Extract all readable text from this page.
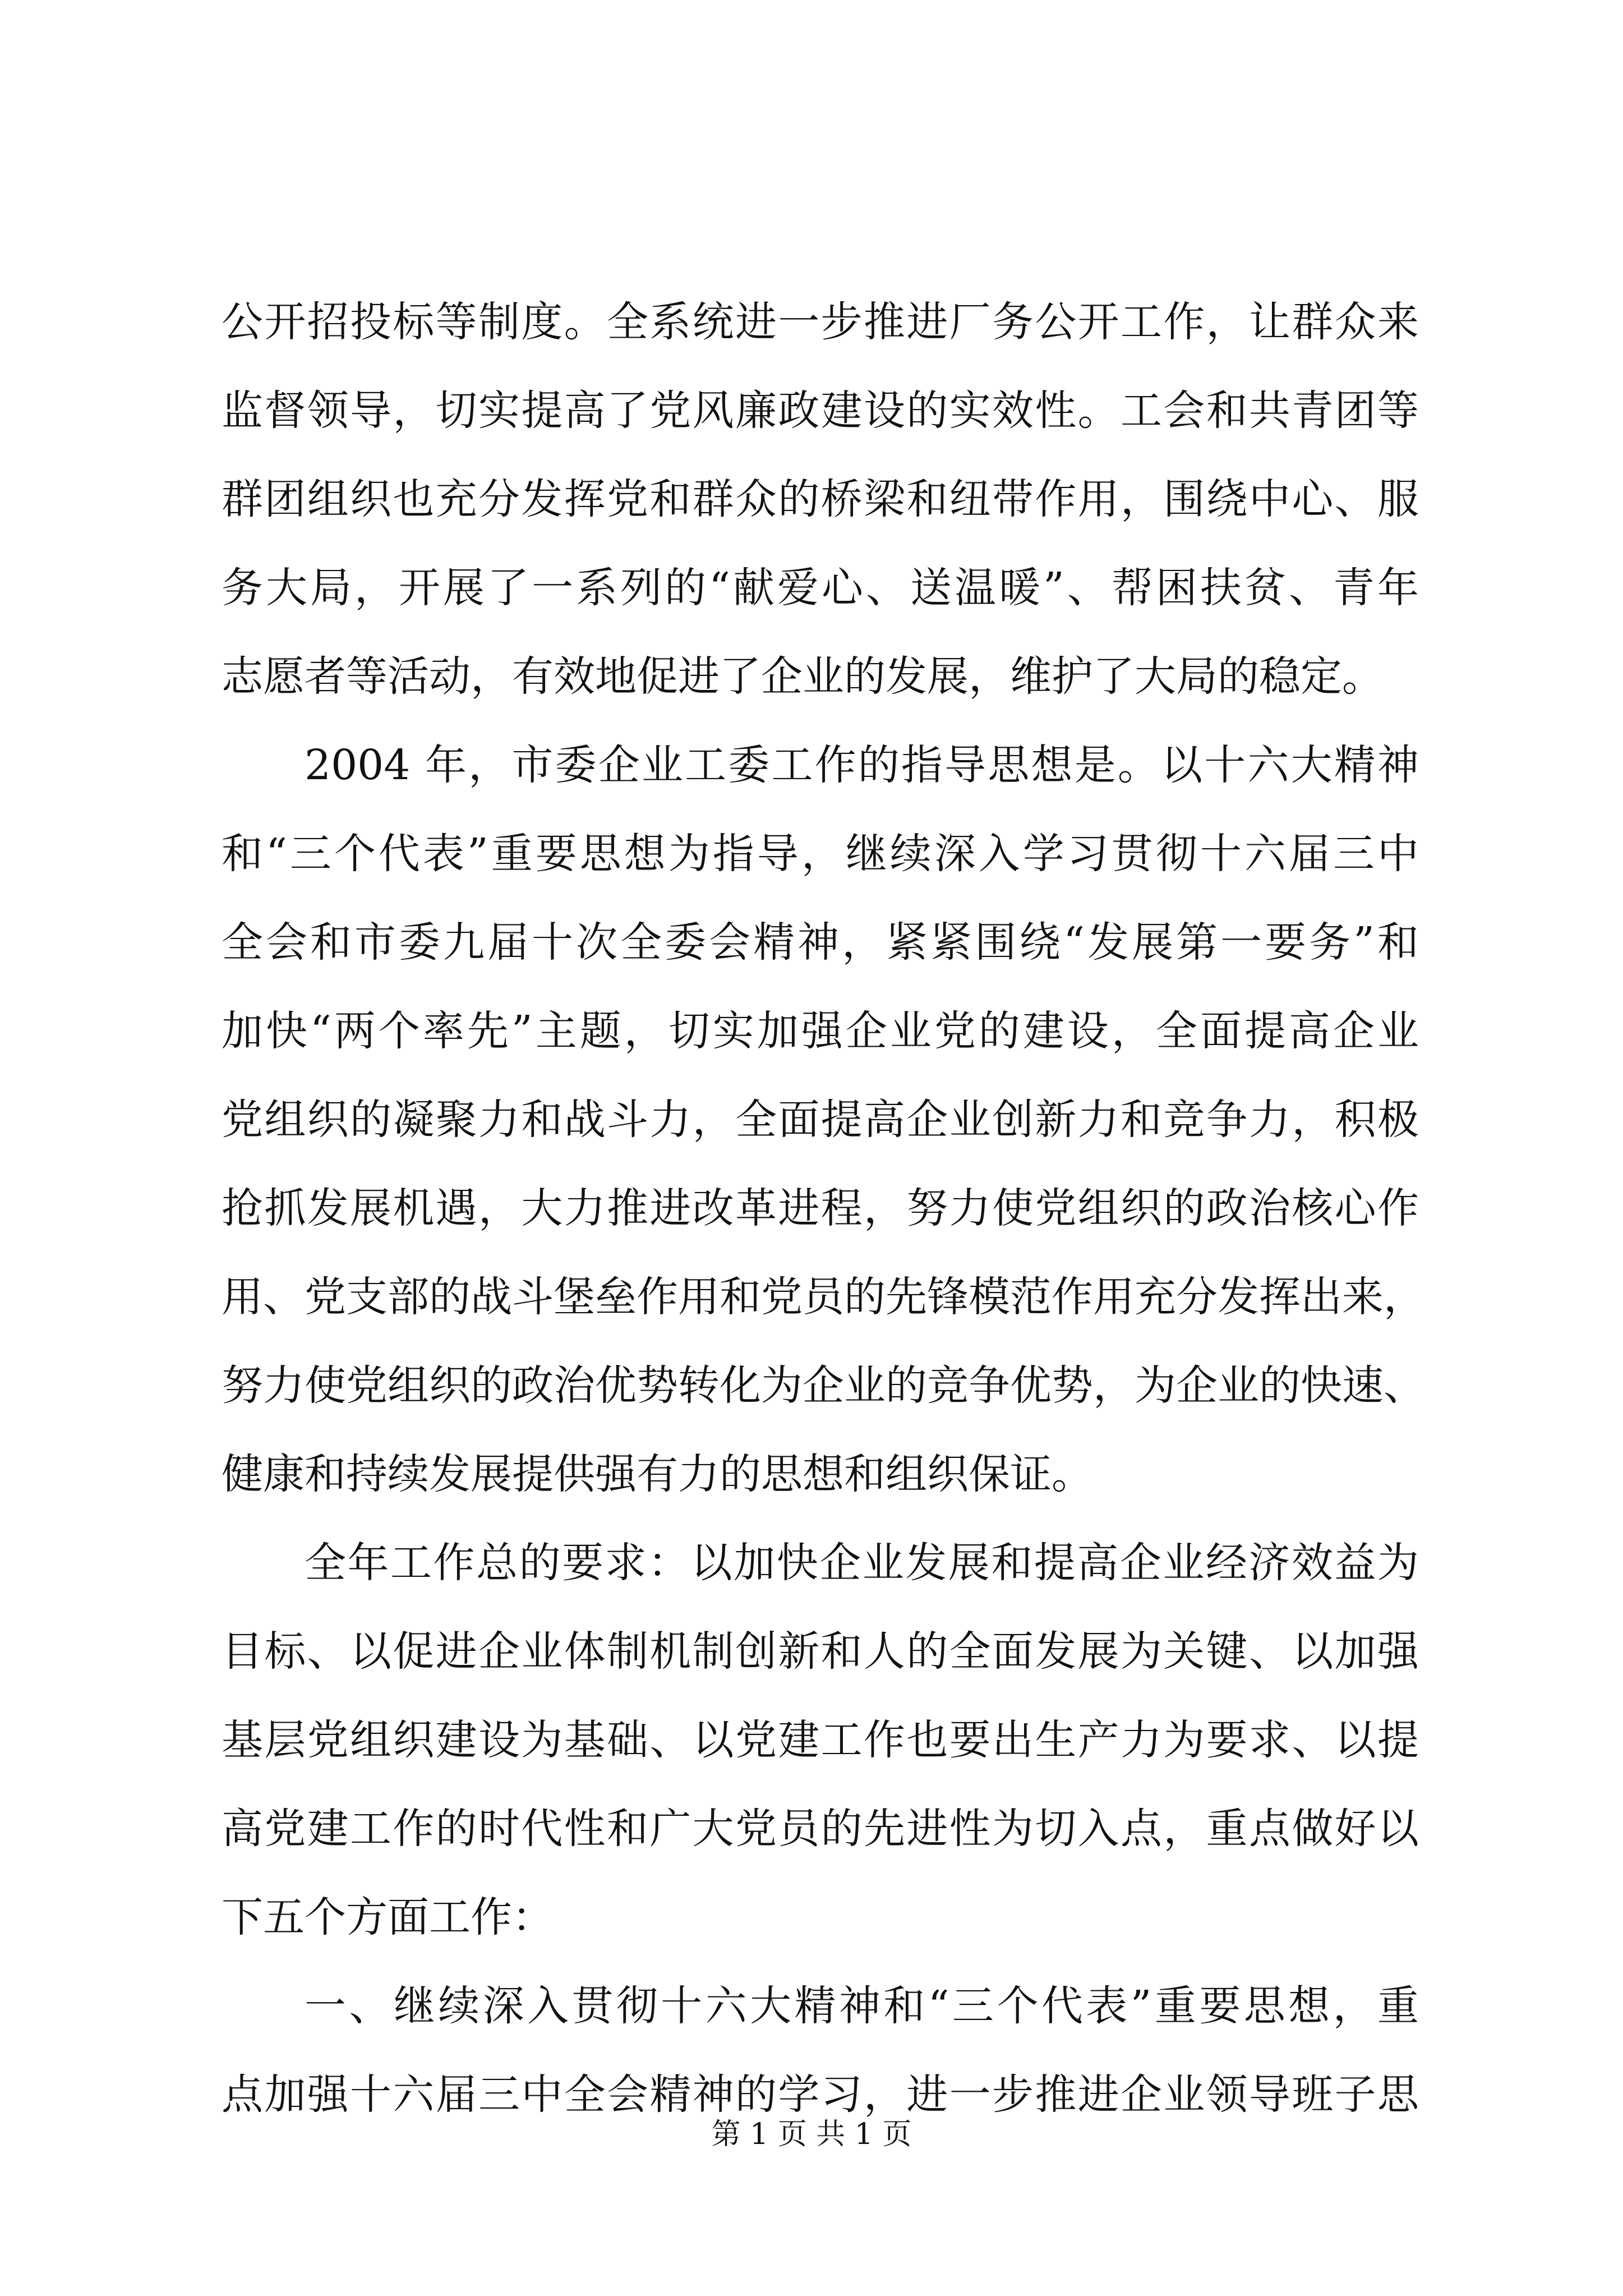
公开招投标等制度。全系统进一步推进厂务公开工作，让群众来
监督领导，切实提高了党风廉政建设的实效性。工会和共青团等
群团组织也充分发挥党和群众的桥梁和纽带作用，围绕中心、服
务大局，开展了一系列的“献爱心、送温暖”、帮困扶贫、青年
志愿者等活动，有效地促进了企业的发展，维护了大局的稳定。
2004 年，市委企业工委工作的指导思想是。以十六大精神
和“三个代表”重要思想为指导，继续深入学习贯彻十六届三中
全会和市委九届十次全委会精神，紧紧围绕“发展第一要务”和
加快“两个率先”主题，切实加强企业党的建设，全面提高企业
党组织的凝聚力和战斗力，全面提高企业创新力和竞争力，积极
抢抓发展机遇，大力推进改革进程，努力使党组织的政治核心作
用、党支部的战斗堡垒作用和党员的先锋模范作用充分发挥出来，
努力使党组织的政治优势转化为企业的竞争优势，为企业的快速、
健康和持续发展提供强有力的思想和组织保证。
全年工作总的要求：以加快企业发展和提高企业经济效益为
目标、以促进企业体制机制创新和人的全面发展为关键、以加强
基层党组织建设为基础、以党建工作也要出生产力为要求、以提
高党建工作的时代性和广大党员的先进性为切入点，重点做好以
下五个方面工作：
一、继续深入贯彻十六大精神和“三个代表”重要思想，重
点加强十六届三中全会精神的学习，进一步推进企业领导班子思
第 1 页 共 1 页
